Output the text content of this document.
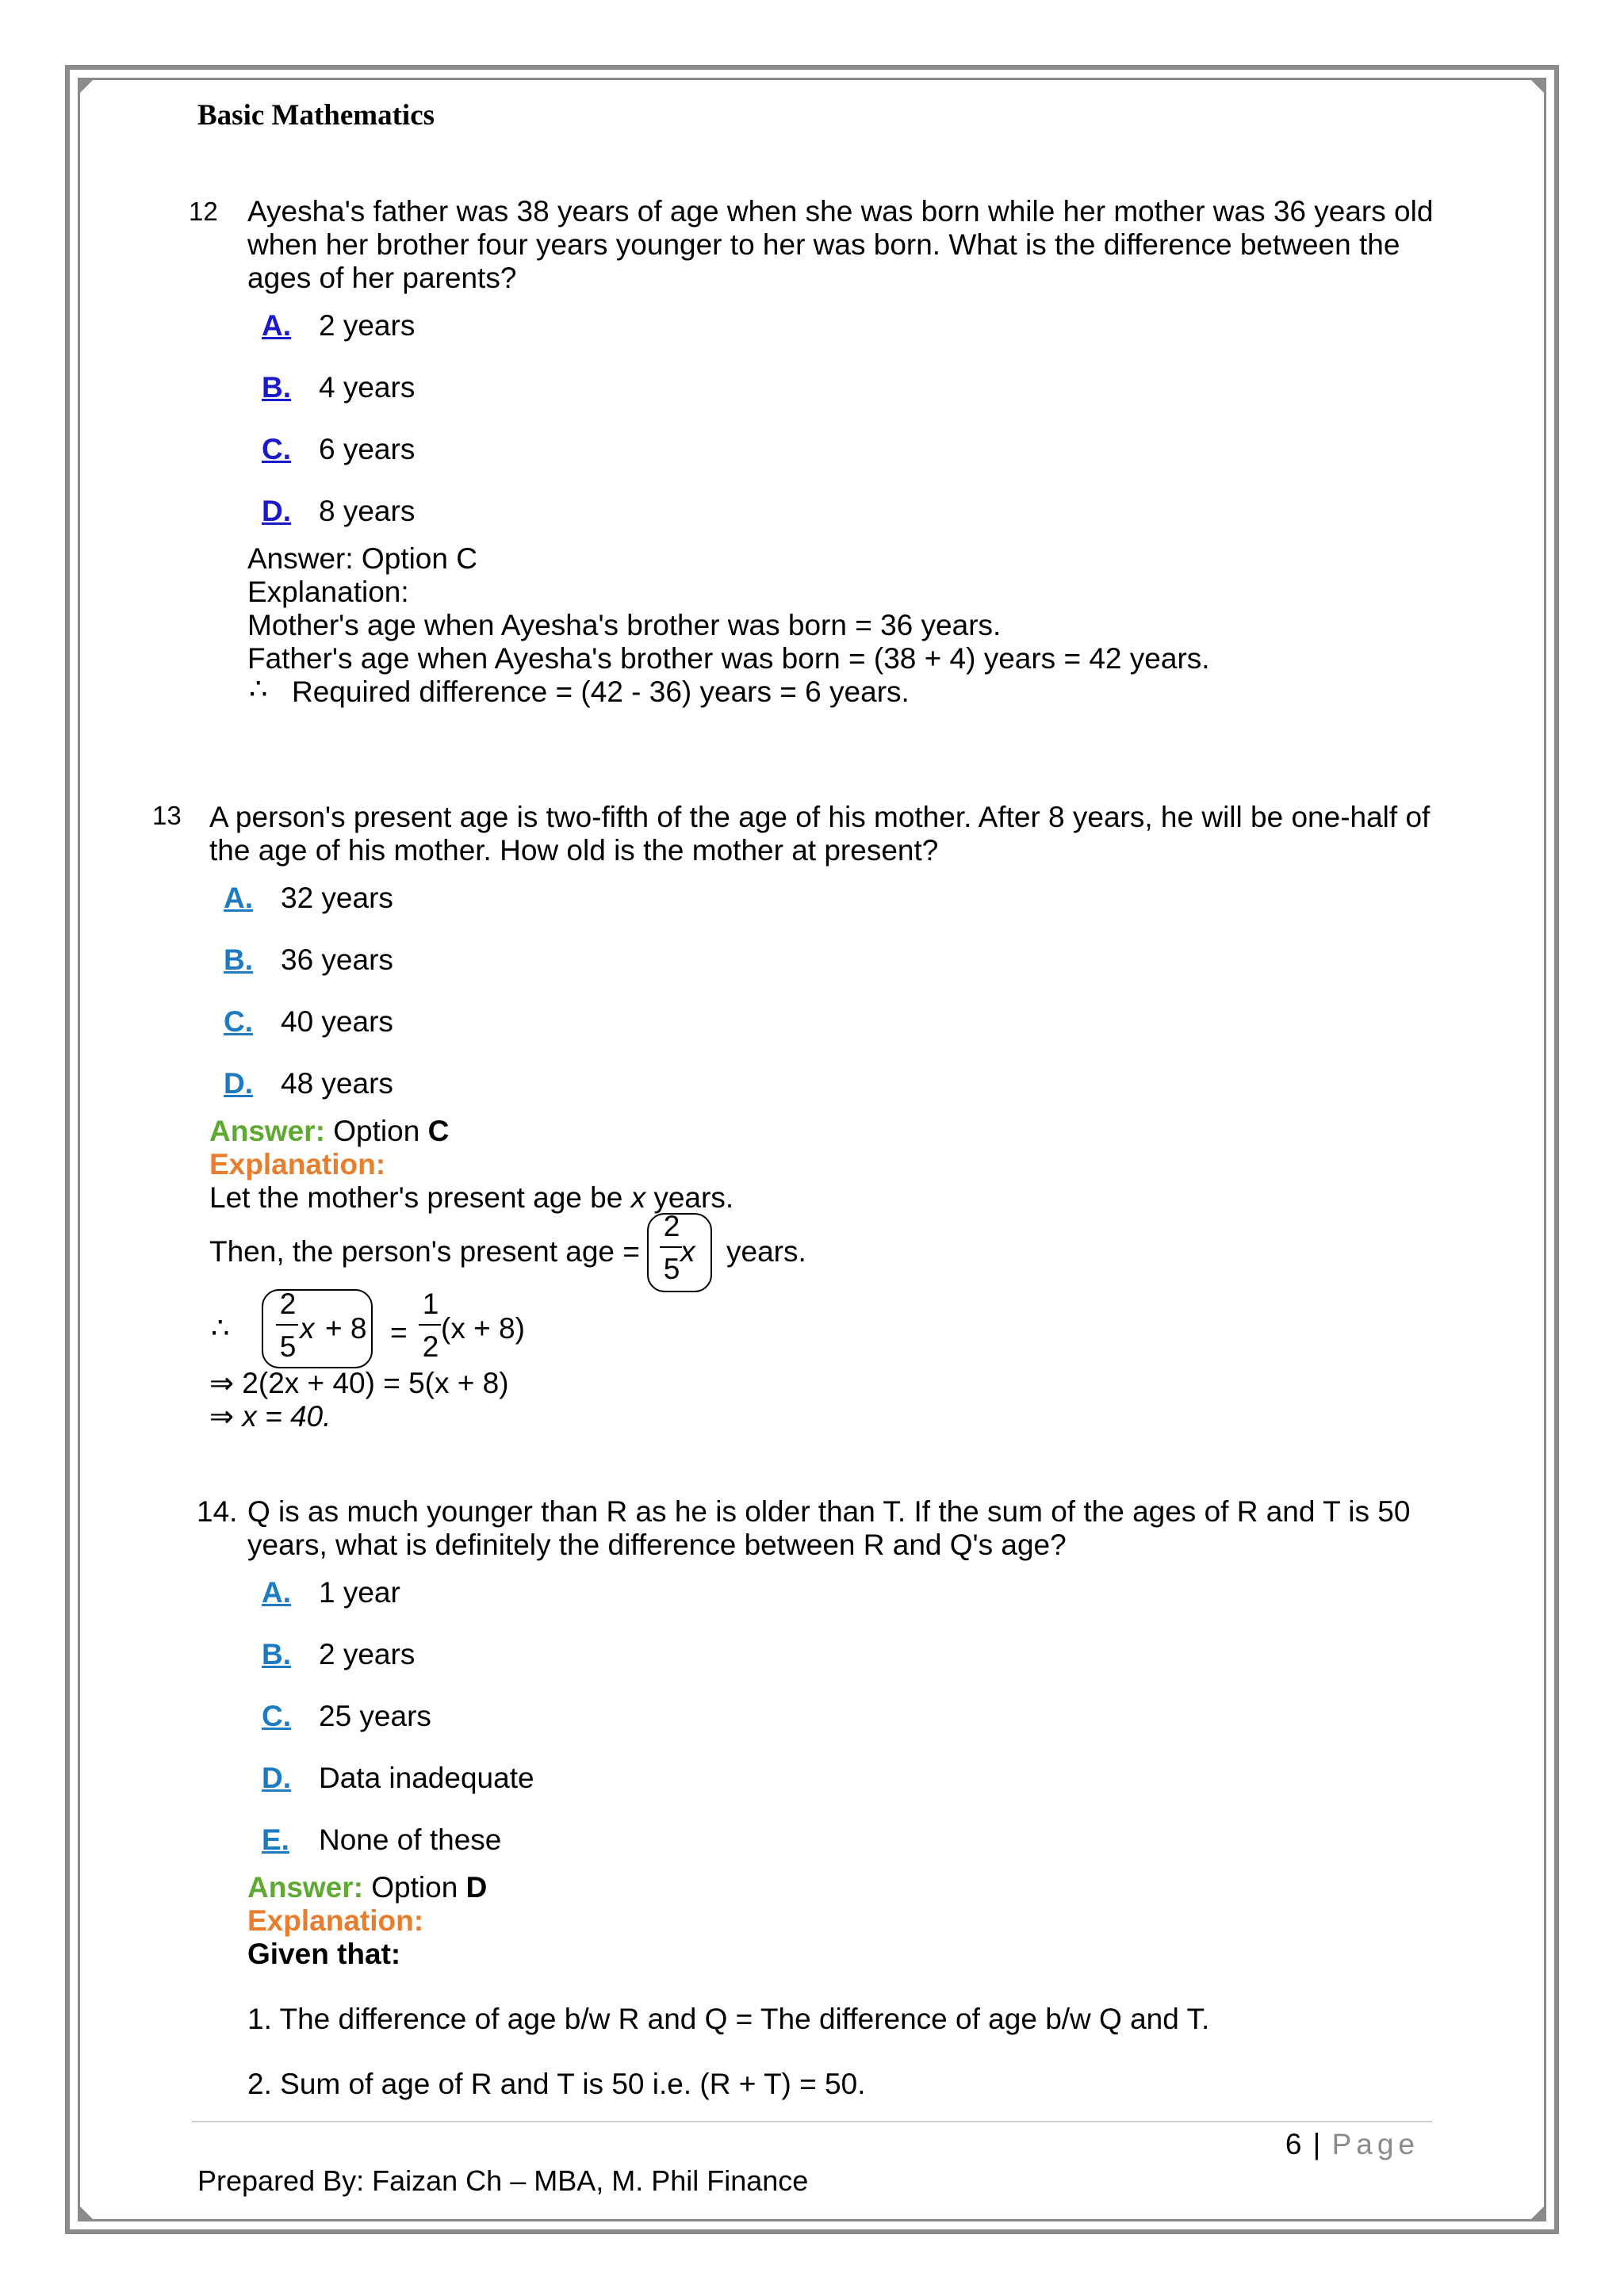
Basic Mathematics
12 Ayesha's father was 38 years of age when she was born while her mother was 36 years old
when her brother four years younger to her was born. What is the difference between the
ages of her parents?
A. 2 years
B. 4 years
C. 6 years
D. 8 years
Answer: Option C
Explanation:
Mother's age when Ayesha's brother was born = 36 years.
Father's age when Ayesha's brother was born = (38 + 4) years = 42 years.
∴ Required difference = (42 - 36) years = 6 years.
13 A person's present age is two-fifth of the age of his mother. After 8 years, he will be one-half of
the age of his mother. How old is the mother at present?
A. 32 years
B. 36 years
C. 40 years
D. 48 years
Answer: Option C
Explanation:
Let the mother's present age be x years.
Then, the person's present age =
2
5
x years.
∴
2
5
x + 8 =
1
2
(x + 8)
⇒ 2(2x + 40) = 5(x + 8)
⇒ x = 40.
14. Q is as much younger than R as he is older than T. If the sum of the ages of R and T is 50
years, what is definitely the difference between R and Q's age?
A. 1 year
B. 2 years
C. 25 years
D. Data inadequate
E. None of these
Answer: Option D
Explanation:
Given that:
1. The difference of age b/w R and Q = The difference of age b/w Q and T.
2. Sum of age of R and T is 50 i.e. (R + T) = 50.
6 | Page
Prepared By: Faizan Ch – MBA, M. Phil Finance
